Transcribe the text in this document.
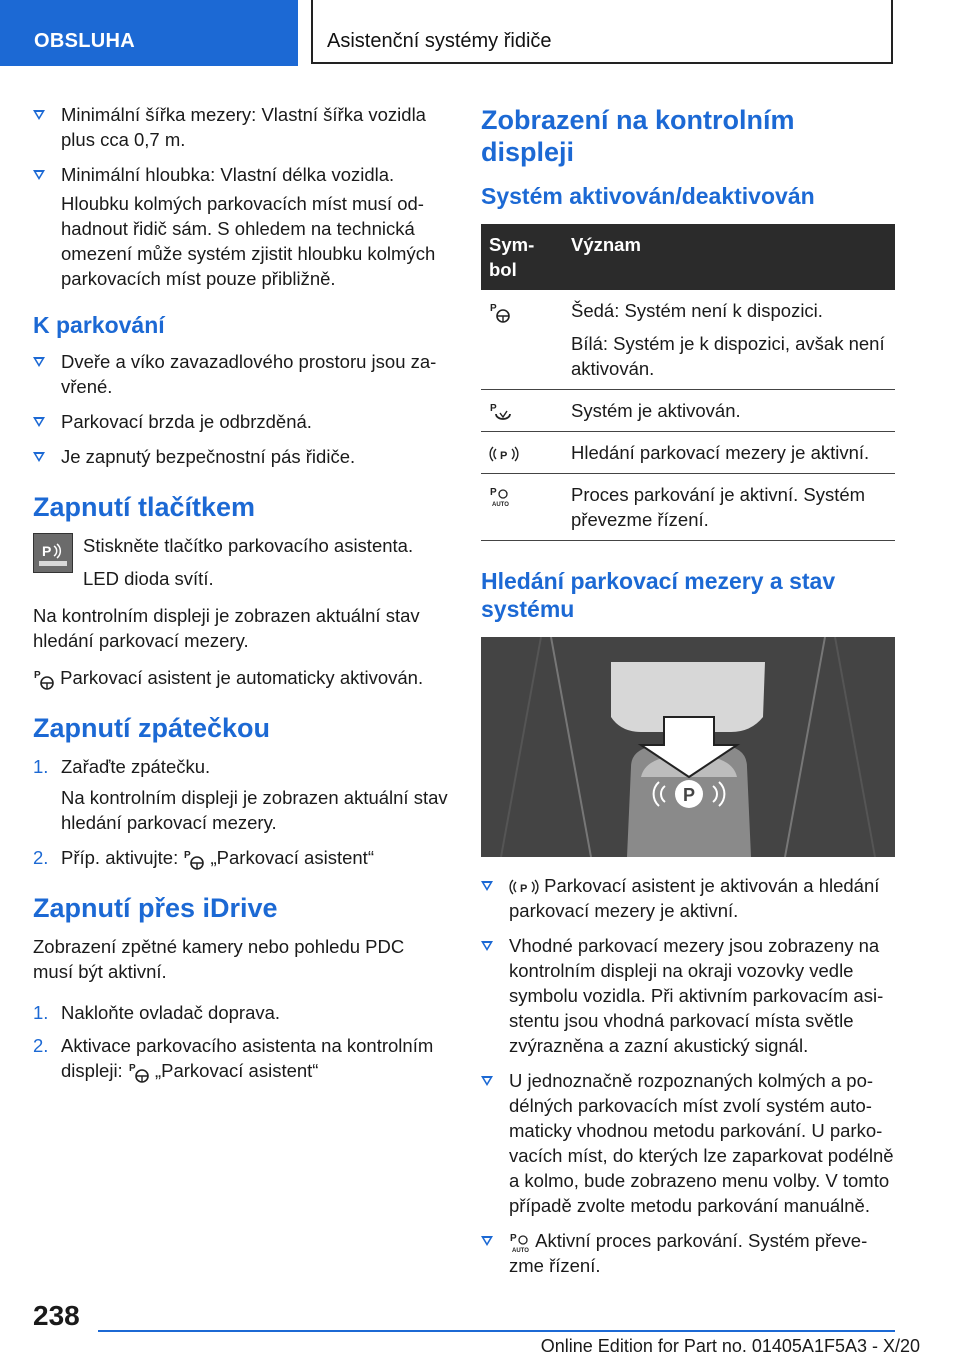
OBSLUHA	Asistenční systémy řidiče
Minimální šířka mezery: Vlastní šířka vozidla plus cca 0,7 m.
Minimální hloubka: Vlastní délka vozidla.
Hloubku kolmých parkovacích míst musí odhadnout řidič sám. S ohledem na technická omezení může systém zjistit hloubku kolmých parkovacích míst pouze přibližně.
K parkování
Dveře a víko zavazadlového prostoru jsou zavřené.
Parkovací brzda je odbrzděná.
Je zapnutý bezpečnostní pás řidiče.
Zapnutí tlačítkem
P Stiskněte tlačítko parkovacího asistenta.
LED dioda svítí.

Na kontrolním displeji je zobrazen aktuální stav hledání parkovací mezery.

P Parkovací asistent je automaticky aktivován.

Zapnutí zpátečkou
1. Zařaďte zpátečku.
Na kontrolním displeji je zobrazen aktuální stav hledání parkovací mezery.
2. Příp. aktivujte: P „Parkovací asistent“
Zapnutí přes iDrive

Zobrazení zpětné kamery nebo pohledu PDC musí být aktivní.

1. Nakloňte ovladač doprava.
2. Aktivace parkovacího asistenta na kontrolním displeji: P „Parkovací asistent“
Zobrazení na kontrolním displeji
Systém aktivován/deaktivován
Symbol	Význam

P	Šedá: Systém není k dispozici.

Bílá: Systém je k dispozici, avšak není aktivován.

P	Systém je aktivován.

P	Hledání parkovací mezery je aktivní.

P
AUTO	Proces parkování je aktivní. Systém převezme řízení.
Hledání parkovací mezery a stav systému
P
P Parkovací asistent je aktivován a hledání parkovací mezery je aktivní.
Vhodné parkovací mezery jsou zobrazeny na kontrolním displeji na okraji vozovky vedle symbolu vozidla. Při aktivním parkovacím asistentu jsou vhodná parkovací místa světle zvýrazněna a zazní akustický signál.
U jednoznačně rozpoznaných kolmých a podélných parkovacích míst zvolí systém automaticky vhodnou metodu parkování. U parkovacích míst, do kterých lze zaparkovat podélně a kolmo, bude zobrazeno menu volby. V tomto případě zvolte metodu parkování manuálně.
P
AUTO
Aktivní proces parkování. Systém převezme řízení.
238
Online Edition for Part no. 01405A1F5A3 - X/20
